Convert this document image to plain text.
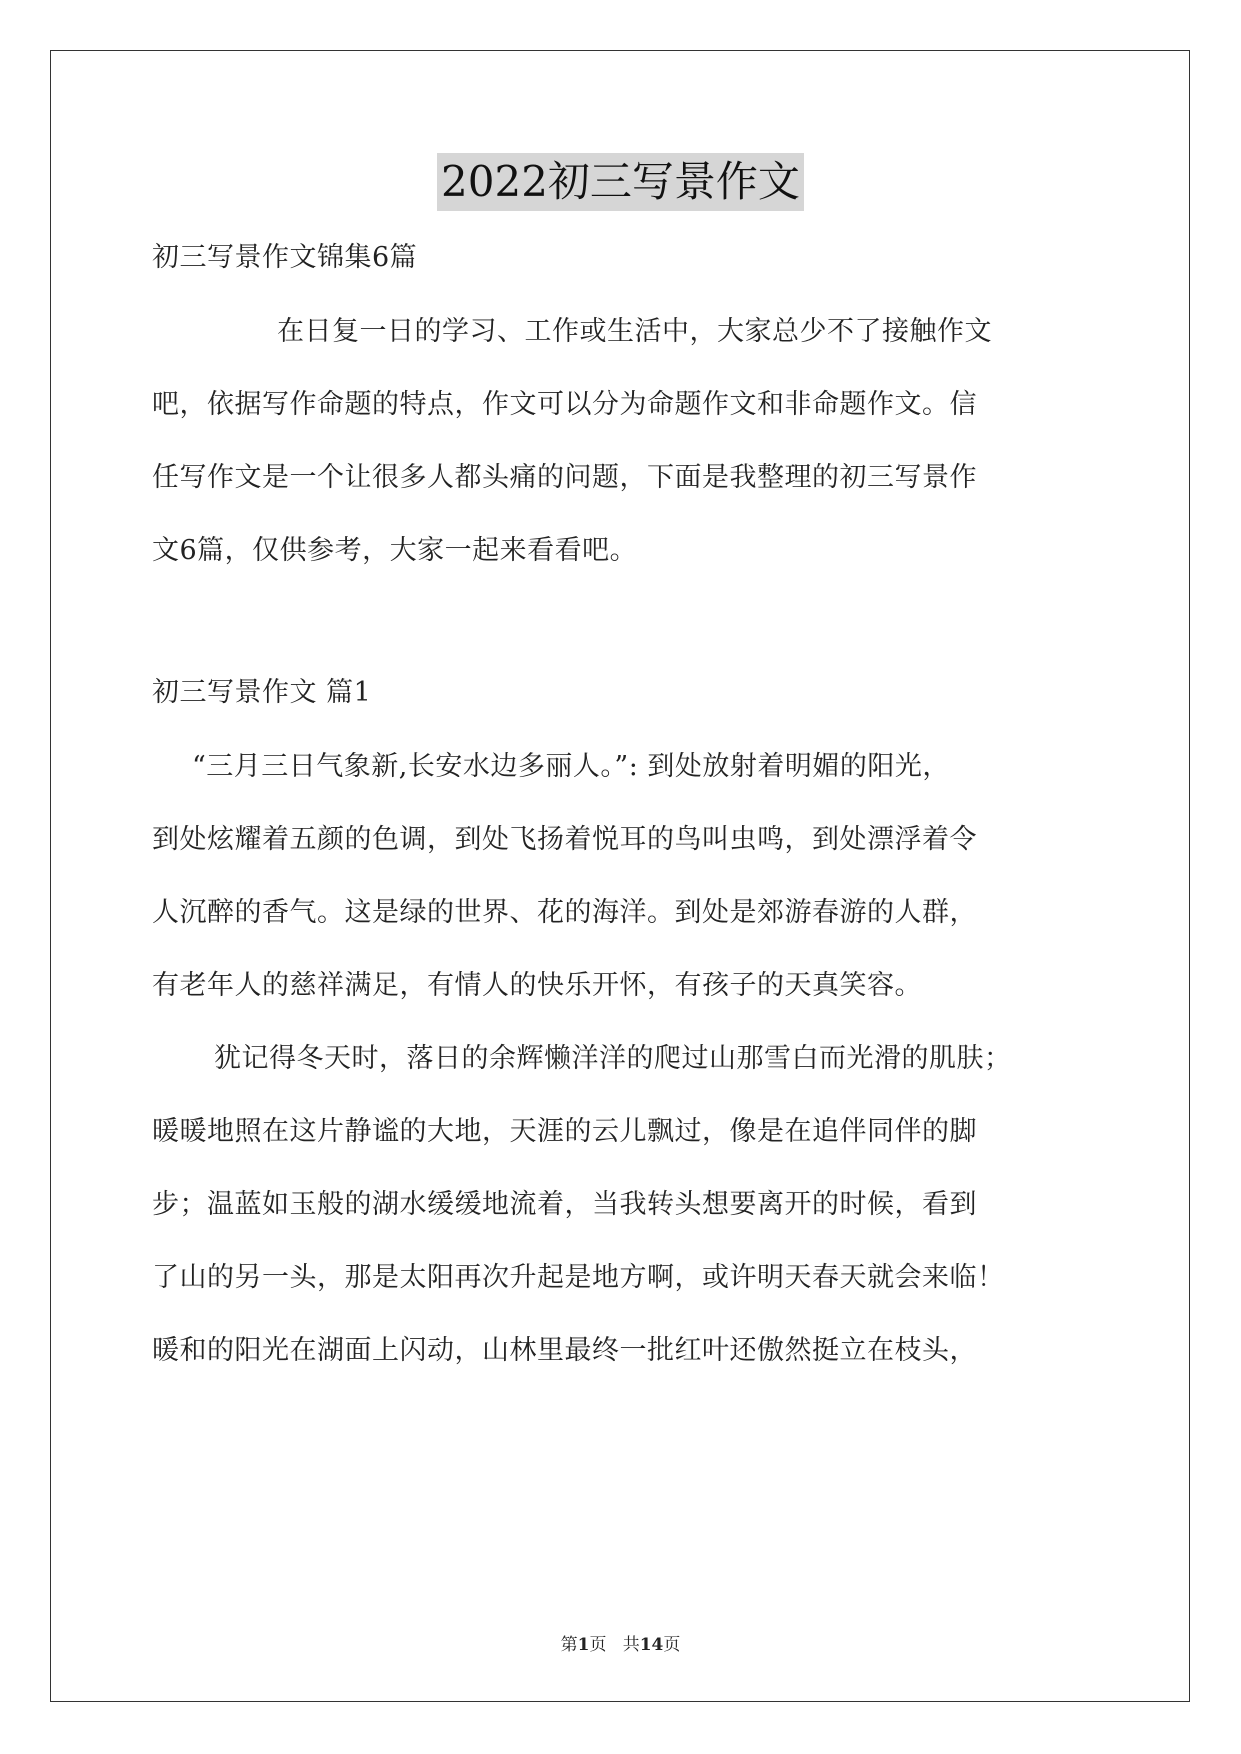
2022初三写景作文
初三写景作文锦集6篇
在日复一日的学习、工作或生活中，大家总少不了接触作文
吧，依据写作命题的特点，作文可以分为命题作文和非命题作文。信
任写作文是一个让很多人都头痛的问题，下面是我整理的初三写景作
文6篇，仅供参考，大家一起来看看吧。
初三写景作文 篇1
“三月三日气象新,长安水边多丽人。”: 到处放射着明媚的阳光，
到处炫耀着五颜的色调，到处飞扬着悦耳的鸟叫虫鸣，到处漂浮着令
人沉醉的香气。这是绿的世界、花的海洋。到处是郊游春游的人群，
有老年人的慈祥满足，有情人的快乐开怀，有孩子的天真笑容。
犹记得冬天时，落日的余辉懒洋洋的爬过山那雪白而光滑的肌肤；
暖暖地照在这片静谧的大地，天涯的云儿飘过，像是在追伴同伴的脚
步；温蓝如玉般的湖水缓缓地流着，当我转头想要离开的时候，看到
了山的另一头，那是太阳再次升起是地方啊，或许明天春天就会来临！
暖和的阳光在湖面上闪动，山林里最终一批红叶还傲然挺立在枝头，
第1页 共14页
